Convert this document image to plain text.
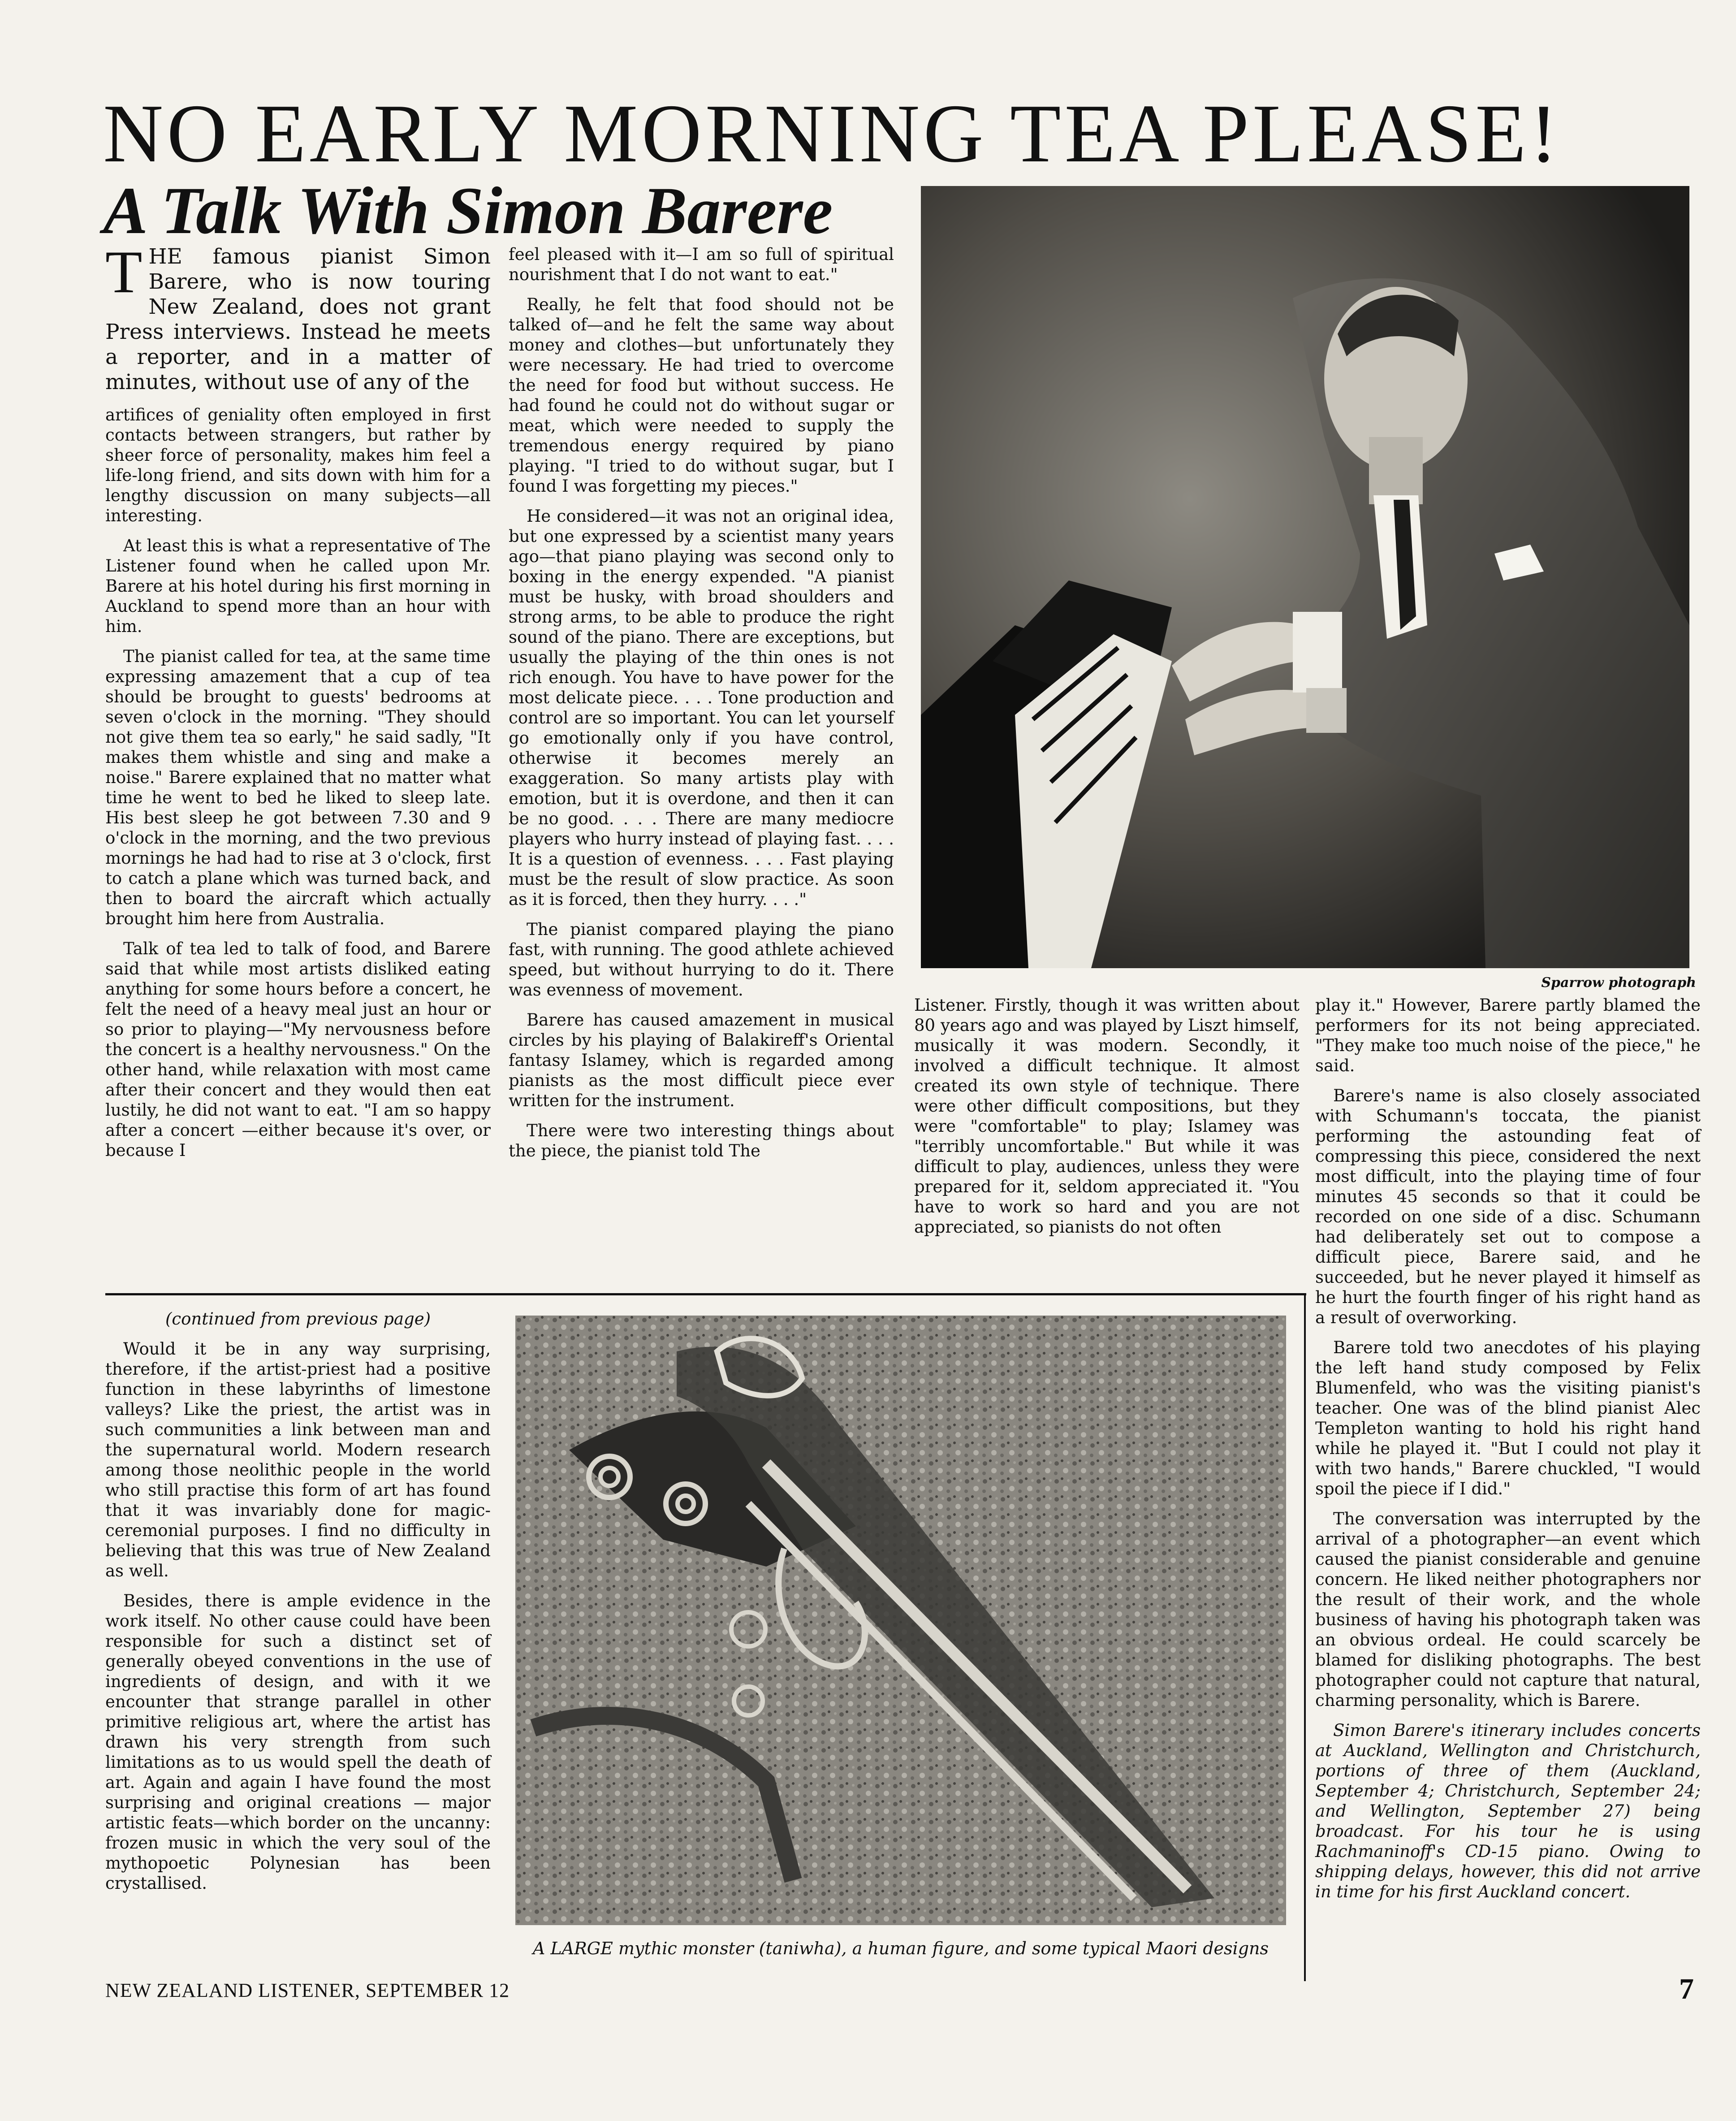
NO EARLY MORNING TEA PLEASE!
A Talk With Simon Barere

THE famous pianist Simon Barere, who is now touring New Zealand, does not grant Press interviews. Instead he meets a reporter, and in a matter of minutes, without use of any of the

artifices of geniality often employed in first contacts between strangers, but rather by sheer force of personality, makes him feel a life-long friend, and sits down with him for a lengthy discussion on many subjects—all interesting.

At least this is what a representative of The Listener found when he called upon Mr. Barere at his hotel during his first morning in Auckland to spend more than an hour with him.

The pianist called for tea, at the same time expressing amazement that a cup of tea should be brought to guests' bedrooms at seven o'clock in the morning. "They should not give them tea so early," he said sadly, "It makes them whistle and sing and make a noise." Barere explained that no matter what time he went to bed he liked to sleep late. His best sleep he got between 7.30 and 9 o'clock in the morning, and the two previous mornings he had had to rise at 3 o'clock, first to catch a plane which was turned back, and then to board the aircraft which actually brought him here from Australia.

Talk of tea led to talk of food, and Barere said that while most artists disliked eating anything for some hours before a concert, he felt the need of a heavy meal just an hour or so prior to playing—"My nervousness before the concert is a healthy nervousness." On the other hand, while relaxation with most came after their concert and they would then eat lustily, he did not want to eat. "I am so happy after a concert —either because it's over, or because I

feel pleased with it—I am so full of spiritual nourishment that I do not want to eat."

Really, he felt that food should not be talked of—and he felt the same way about money and clothes—but unfortunately they were necessary. He had tried to overcome the need for food but without success. He had found he could not do without sugar or meat, which were needed to supply the tremendous energy required by piano playing. "I tried to do without sugar, but I found I was forgetting my pieces."

He considered—it was not an original idea, but one expressed by a scientist many years ago—that piano playing was second only to boxing in the energy expended. "A pianist must be husky, with broad shoulders and strong arms, to be able to produce the right sound of the piano. There are exceptions, but usually the playing of the thin ones is not rich enough. You have to have power for the most delicate piece. . . . Tone production and control are so important. You can let yourself go emotionally only if you have control, otherwise it becomes merely an exaggeration. So many artists play with emotion, but it is overdone, and then it can be no good. . . . There are many mediocre players who hurry instead of playing fast. . . . It is a question of evenness. . . . Fast playing must be the result of slow practice. As soon as it is forced, then they hurry. . . ."

The pianist compared playing the piano fast, with running. The good athlete achieved speed, but without hurrying to do it. There was evenness of movement.

Barere has caused amazement in musical circles by his playing of Balakireff's Oriental fantasy Islamey, which is regarded among pianists as the most difficult piece ever written for the instrument.

There were two interesting things about the piece, the pianist told The

Sparrow photograph

Listener. Firstly, though it was written about 80 years ago and was played by Liszt himself, musically it was modern. Secondly, it involved a difficult technique. It almost created its own style of technique. There were other difficult compositions, but they were "comfortable" to play; Islamey was "terribly uncomfortable." But while it was difficult to play, audiences, unless they were prepared for it, seldom appreciated it. "You have to work so hard and you are not appreciated, so pianists do not often

play it." However, Barere partly blamed the performers for its not being appreciated. "They make too much noise of the piece," he said.

Barere's name is also closely associated with Schumann's toccata, the pianist performing the astounding feat of compressing this piece, considered the next most difficult, into the playing time of four minutes 45 seconds so that it could be recorded on one side of a disc. Schumann had deliberately set out to compose a difficult piece, Barere said, and he succeeded, but he never played it himself as he hurt the fourth finger of his right hand as a result of overworking.

Barere told two anecdotes of his playing the left hand study composed by Felix Blumenfeld, who was the visiting pianist's teacher. One was of the blind pianist Alec Templeton wanting to hold his right hand while he played it. "But I could not play it with two hands," Barere chuckled, "I would spoil the piece if I did."

The conversation was interrupted by the arrival of a photographer—an event which caused the pianist considerable and genuine concern. He liked neither photographers nor the result of their work, and the whole business of having his photograph taken was an obvious ordeal. He could scarcely be blamed for disliking photographs. The best photographer could not capture that natural, charming personality, which is Barere.

Simon Barere's itinerary includes concerts at Auckland, Wellington and Christchurch, portions of three of them (Auckland, September 4; Christchurch, September 24; and Wellington, September 27) being broadcast. For his tour he is using Rachmaninoff's CD-15 piano. Owing to shipping delays, however, this did not arrive in time for his first Auckland concert.

(continued from previous page)

Would it be in any way surprising, therefore, if the artist-priest had a positive function in these labyrinths of limestone valleys? Like the priest, the artist was in such communities a link between man and the supernatural world. Modern research among those neolithic people in the world who still practise this form of art has found that it was invariably done for magic-ceremonial purposes. I find no difficulty in believing that this was true of New Zealand as well.

Besides, there is ample evidence in the work itself. No other cause could have been responsible for such a distinct set of generally obeyed conventions in the use of ingredients of design, and with it we encounter that strange parallel in other primitive religious art, where the artist has drawn his very strength from such limitations as to us would spell the death of art. Again and again I have found the most surprising and original creations — major artistic feats—which border on the uncanny: frozen music in which the very soul of the mythopoetic Polynesian has been crystallised.

A LARGE mythic monster (taniwha), a human figure, and some typical Maori designs
NEW ZEALAND LISTENER, SEPTEMBER 12	7
